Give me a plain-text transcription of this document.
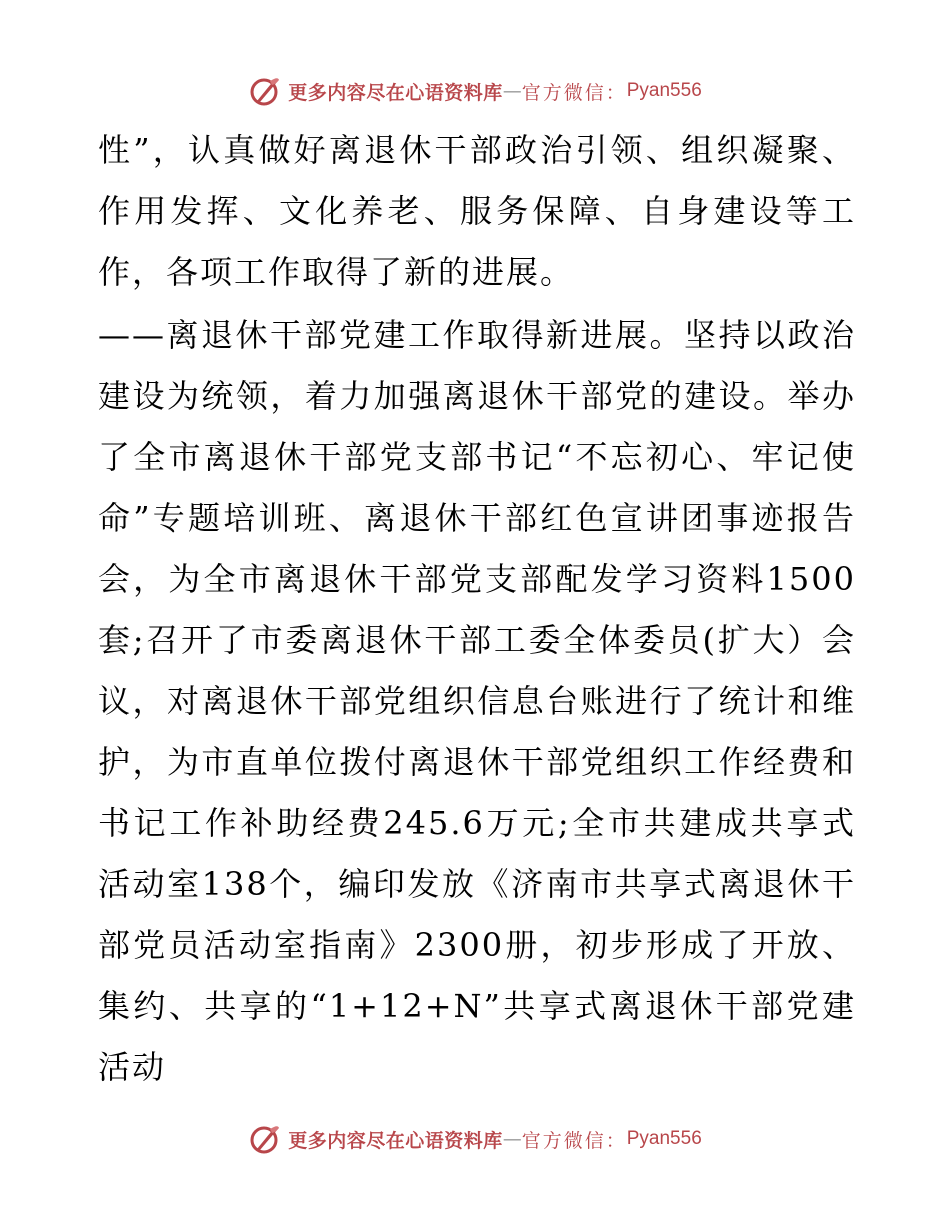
更多内容尽在心语资料库 — 官方微信： Pyan556

性”，认真做好离退休干部政治引领、组织凝聚、作用发挥、文化养老、服务保障、自身建设等工作，各项工作取得了新的进展。

——离退休干部党建工作取得新进展。坚持以政治建设为统领，着力加强离退休干部党的建设。举办了全市离退休干部党支部书记“不忘初心、牢记使命”专题培训班、离退休干部红色宣讲团事迹报告会，为全市离退休干部党支部配发学习资料1500套;召开了市委离退休干部工委全体委员(扩大）会议，对离退休干部党组织信息台账进行了统计和维护，为市直单位拨付离退休干部党组织工作经费和书记工作补助经费245.6万元;全市共建成共享式活动室138个，编印发放《济南市共享式离退休干部党员活动室指南》2300册，初步形成了开放、集约、共享的“1+12+N”共享式离退休干部党建活动

更多内容尽在心语资料库 — 官方微信： Pyan556
